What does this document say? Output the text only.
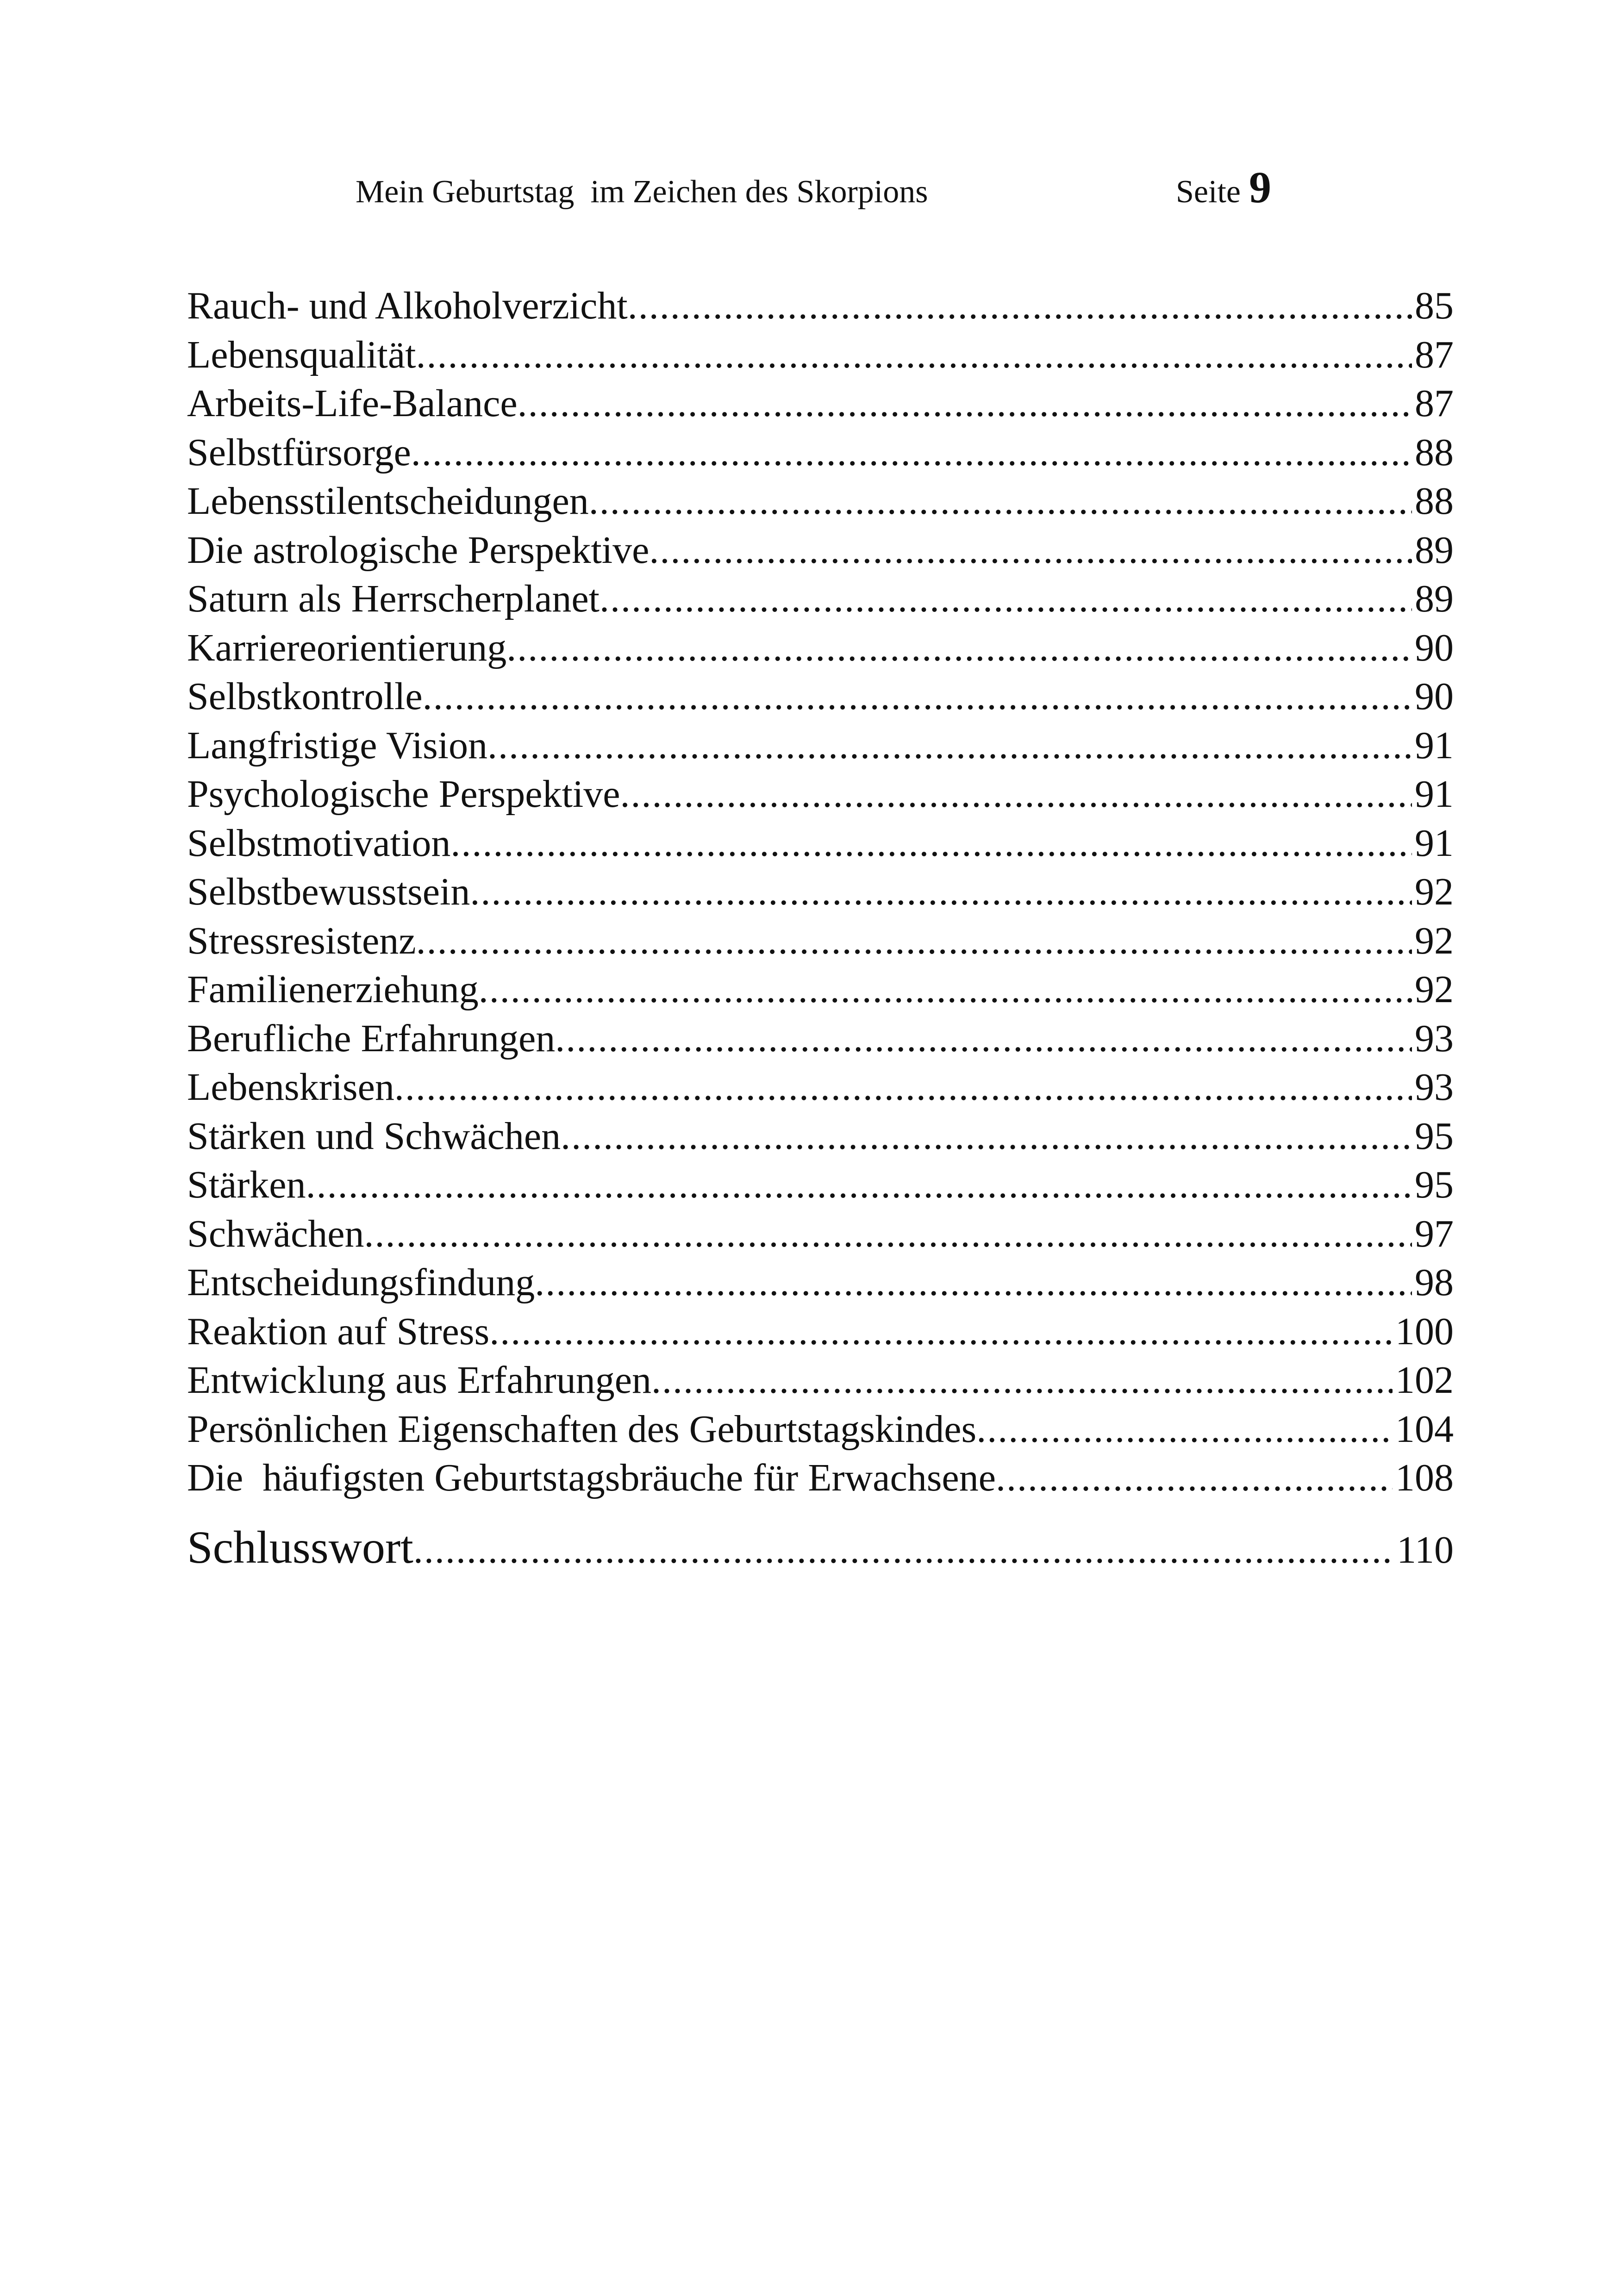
Mein Geburtstag  im Zeichen des Skorpions	Seite 9
Rauch- und Alkoholverzicht .....	85
Lebensqualität .....	87
Arbeits-Life-Balance .....	87
Selbstfürsorge .....	88
Lebensstilentscheidungen .....	88
Die astrologische Perspektive .....	89
Saturn als Herrscherplanet .....	89
Karriereorientierung .....	90
Selbstkontrolle .....	90
Langfristige Vision .....	91
Psychologische Perspektive .....	91
Selbstmotivation .....	91
Selbstbewusstsein .....	92
Stressresistenz .....	92
Familienerziehung .....	92
Berufliche Erfahrungen .....	93
Lebenskrisen .....	93
Stärken und Schwächen .....	95
Stärken .....	95
Schwächen .....	97
Entscheidungsfindung .....	98
Reaktion auf Stress .....	100
Entwicklung aus Erfahrungen .....	102
Persönlichen Eigenschaften des Geburtstagskindes .....	104
Die  häufigsten Geburtstagsbräuche für Erwachsene .....	108
Schlusswort .....	110
